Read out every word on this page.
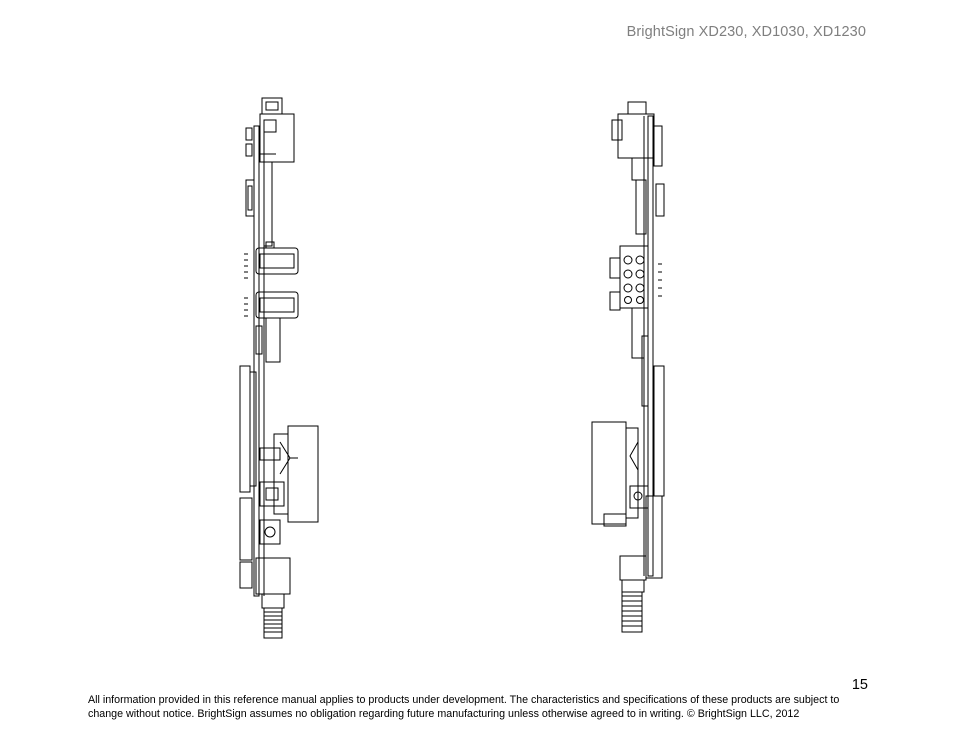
BrightSign XD230, XD1030, XD1230
15
All information provided in this reference manual applies to products under development. The characteristics and specifications of these products are subject to change without notice. BrightSign assumes no obligation regarding future manufacturing unless otherwise agreed to in writing. © BrightSign LLC, 2012
